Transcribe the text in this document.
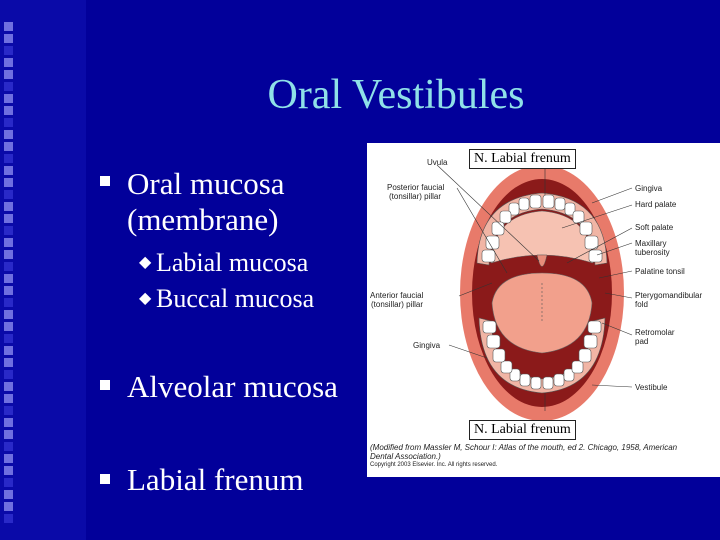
Oral Vestibules
Oral mucosa
(membrane)
◆ Labial mucosa
◆ Buccal mucosa
Alveolar mucosa
Labial frenum
Uvula
Posterior faucial
(tonsillar) pillar
Gingiva
Hard palate
Soft palate
Maxillary
tuberosity
Palatine tonsil
Anterior faucial
(tonsillar) pillar
Pterygomandibular
fold
Retromolar
pad
Gingiva
Vestibule
(Modified from Massler M, Schour I: Atlas of the mouth, ed 2. Chicago, 1958, American
Dental Association.)
Copyright 2003 Elsevier. Inc. All rights reserved.
N. Labial frenum
N. Labial frenum
